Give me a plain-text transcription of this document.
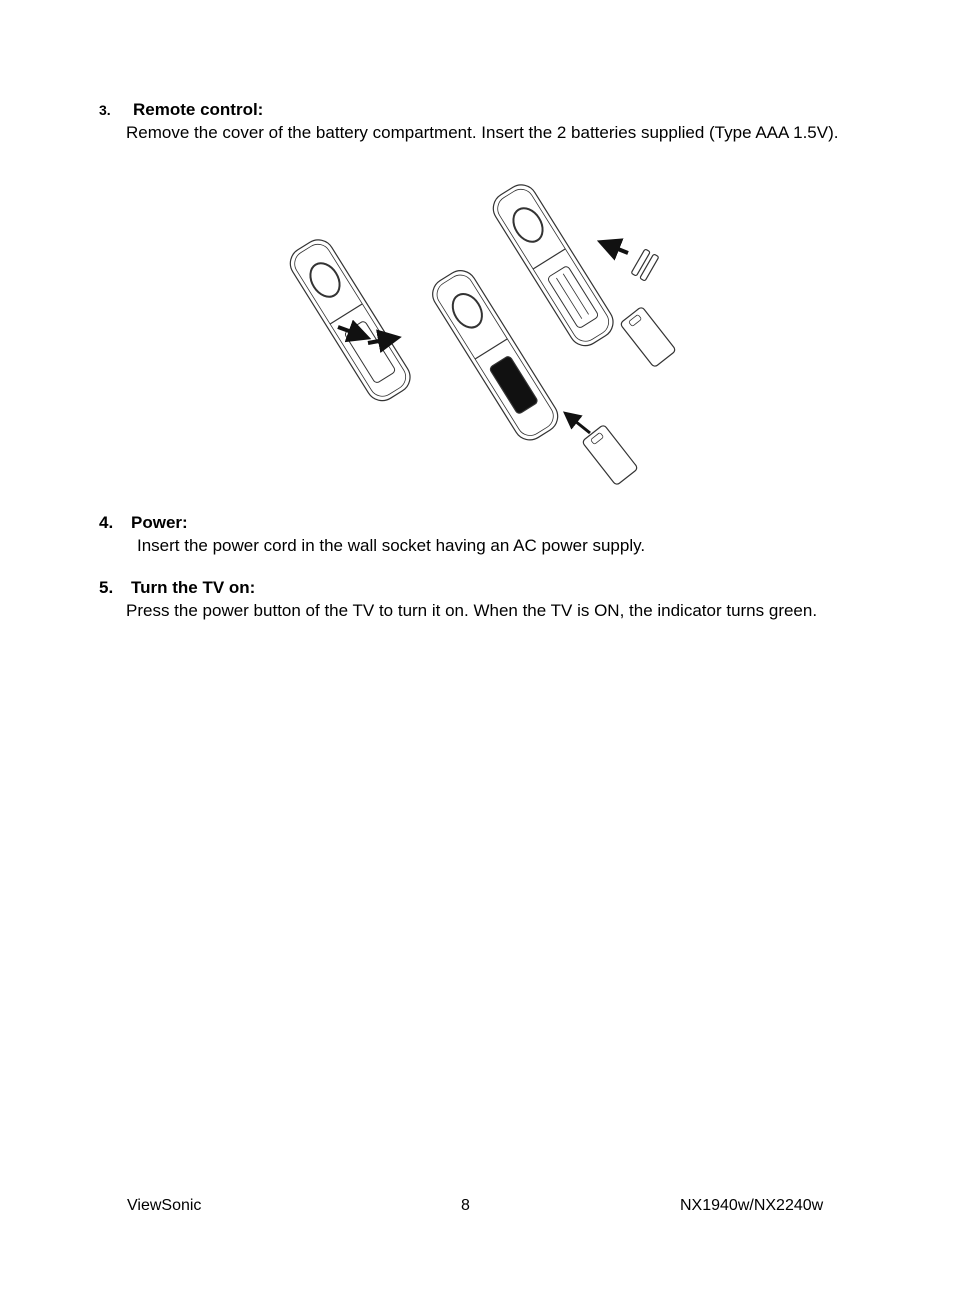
3.	Remote control:
Remove the cover of the battery compartment. Insert the 2 batteries supplied (Type AAA 1.5V).
4.	Power:
Insert the power cord in the wall socket having an AC power supply.
5.	Turn the TV on:
Press the power button of the TV to turn it on. When the TV is ON, the indicator turns green.
ViewSonic	8	NX1940w/NX2240w
